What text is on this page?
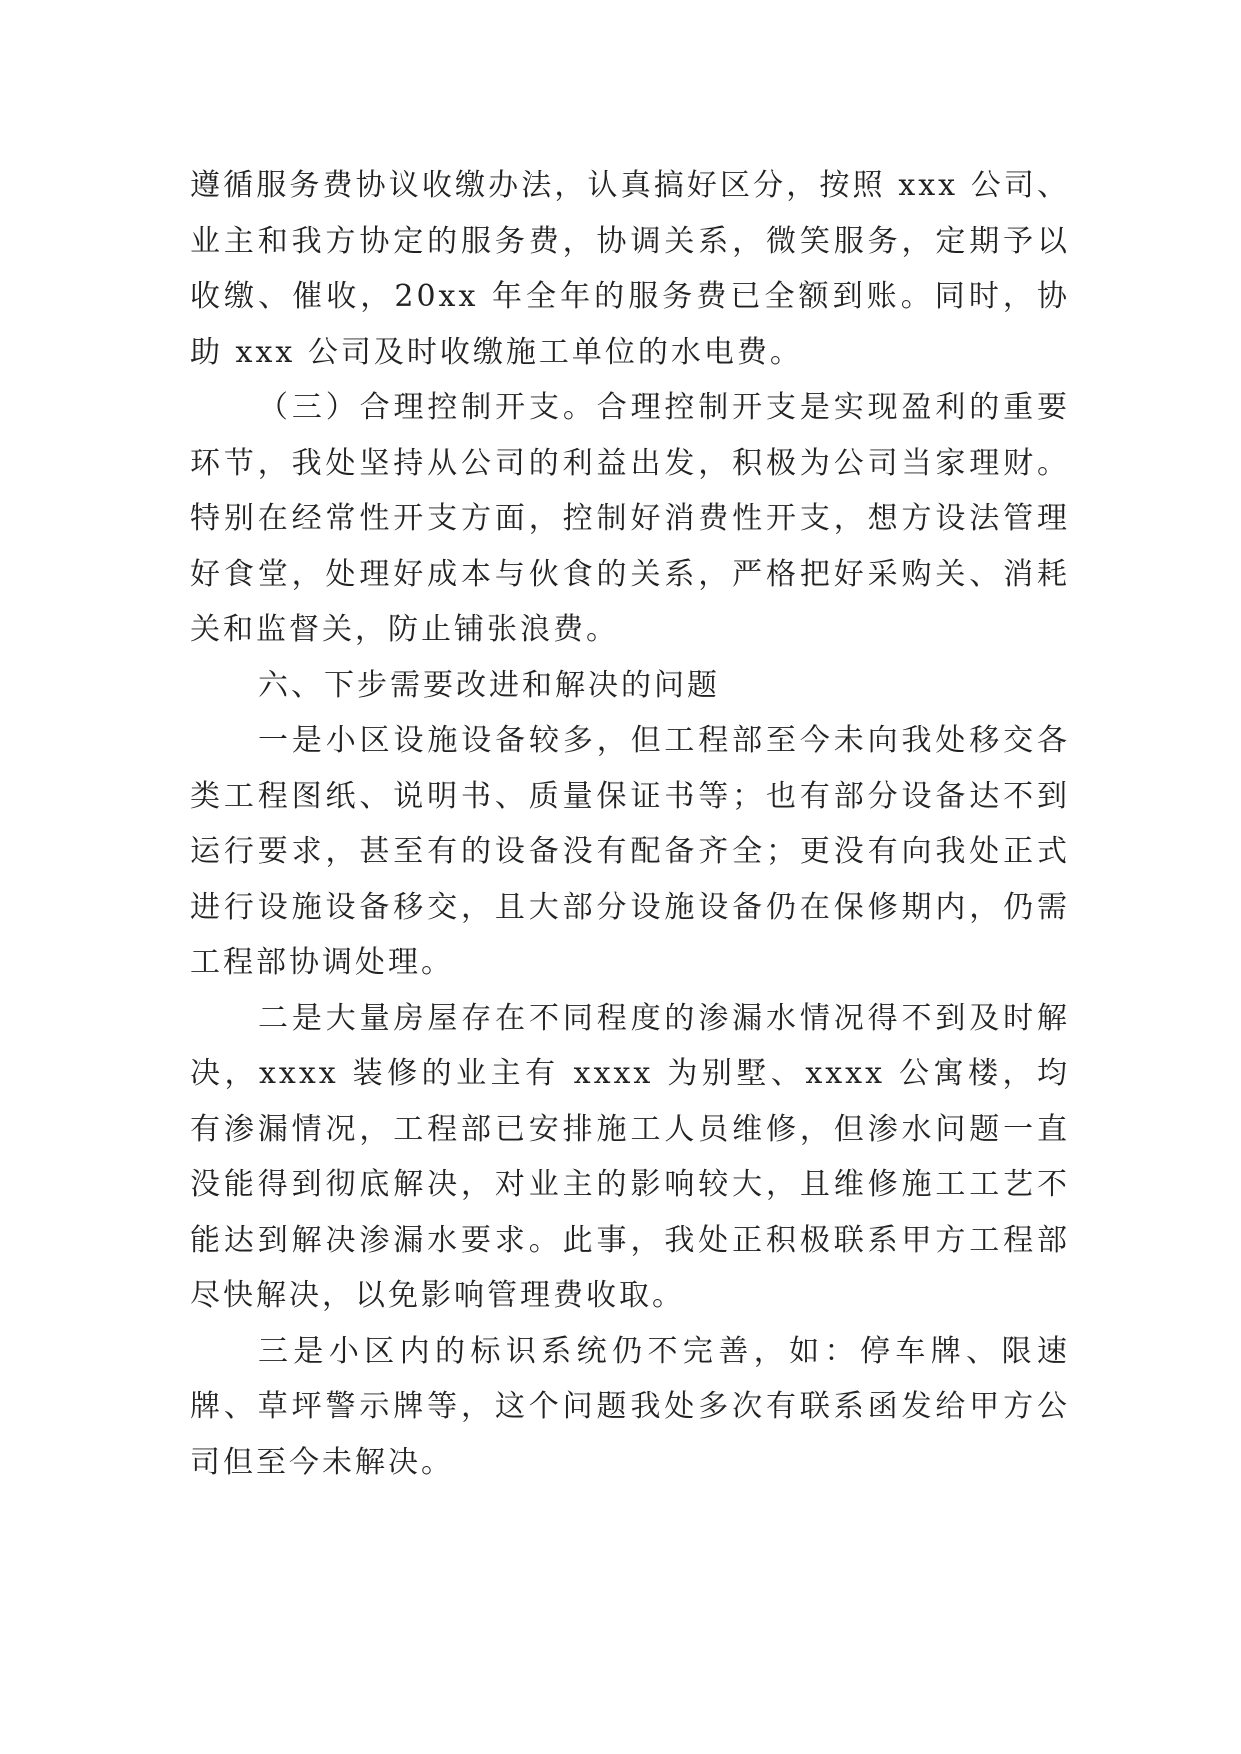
遵循服务费协议收缴办法，认真搞好区分，按照 xxx 公司、业主和我方协定的服务费，协调关系，微笑服务，定期予以收缴、催收，20xx 年全年的服务费已全额到账。同时，协助 xxx 公司及时收缴施工单位的水电费。

（三）合理控制开支。合理控制开支是实现盈利的重要环节，我处坚持从公司的利益出发，积极为公司当家理财。特别在经常性开支方面，控制好消费性开支，想方设法管理好食堂，处理好成本与伙食的关系，严格把好采购关、消耗关和监督关，防止铺张浪费。

六、下步需要改进和解决的问题

一是小区设施设备较多，但工程部至今未向我处移交各类工程图纸、说明书、质量保证书等；也有部分设备达不到运行要求，甚至有的设备没有配备齐全；更没有向我处正式进行设施设备移交，且大部分设施设备仍在保修期内，仍需工程部协调处理。

二是大量房屋存在不同程度的渗漏水情况得不到及时解决，xxxx 装修的业主有 xxxx 为别墅、xxxx 公寓楼，均有渗漏情况，工程部已安排施工人员维修，但渗水问题一直没能得到彻底解决，对业主的影响较大，且维修施工工艺不能达到解决渗漏水要求。此事，我处正积极联系甲方工程部尽快解决，以免影响管理费收取。

三是小区内的标识系统仍不完善，如：停车牌、限速牌、草坪警示牌等，这个问题我处多次有联系函发给甲方公司但至今未解决。
